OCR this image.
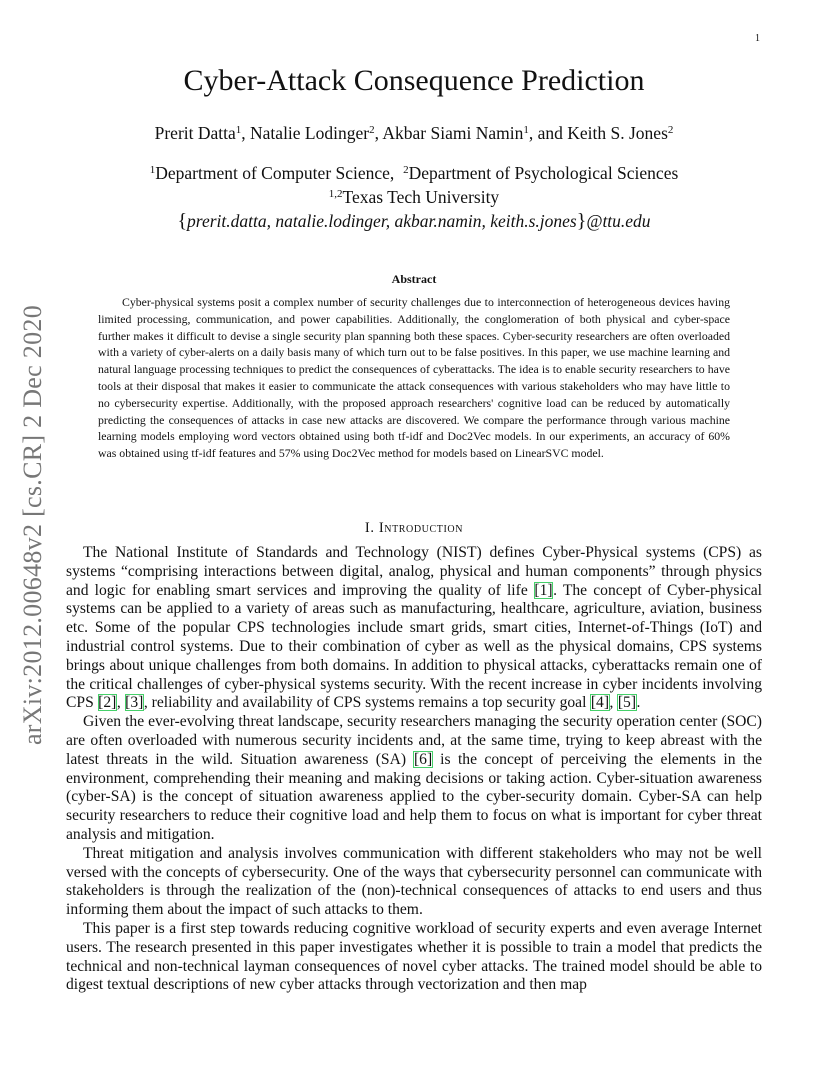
1
arXiv:2012.00648v2 [cs.CR] 2 Dec 2020
Cyber-Attack Consequence Prediction
Prerit Datta$^1$, Natalie Lodinger$^2$, Akbar Siami Namin$^1$, and Keith S. Jones$^2$
$^1$Department of Computer Science, $^2$Department of Psychological Sciences
$^{1,2}$Texas Tech University
{prerit.datta, natalie.lodinger, akbar.namin, keith.s.jones}@ttu.edu
Abstract

Cyber-physical systems posit a complex number of security challenges due to interconnection of heterogeneous devices having limited processing, communication, and power capabilities. Additionally, the conglomeration of both physical and cyber-space further makes it difficult to devise a single security plan spanning both these spaces. Cyber-security researchers are often overloaded with a variety of cyber-alerts on a daily basis many of which turn out to be false positives. In this paper, we use machine learning and natural language processing techniques to predict the consequences of cyberattacks. The idea is to enable security researchers to have tools at their disposal that makes it easier to communicate the attack consequences with various stakeholders who may have little to no cybersecurity expertise. Additionally, with the proposed approach researchers' cognitive load can be reduced by automatically predicting the consequences of attacks in case new attacks are discovered. We compare the performance through various machine learning models employing word vectors obtained using both tf-idf and Doc2Vec models. In our experiments, an accuracy of 60% was obtained using tf-idf features and 57% using Doc2Vec method for models based on LinearSVC model.

I. Introduction

The National Institute of Standards and Technology (NIST) defines Cyber-Physical systems (CPS) as systems “comprising interactions between digital, analog, physical and human components” through physics and logic for enabling smart services and improving the quality of life [1]. The concept of Cyber-physical systems can be applied to a variety of areas such as manufacturing, healthcare, agriculture, aviation, business etc. Some of the popular CPS technologies include smart grids, smart cities, Internet-of-Things (IoT) and industrial control systems. Due to their combination of cyber as well as the physical domains, CPS systems brings about unique challenges from both domains. In addition to physical attacks, cyberattacks remain one of the critical challenges of cyber-physical systems security. With the recent increase in cyber incidents involving CPS [2], [3], reliability and availability of CPS systems remains a top security goal [4], [5].

Given the ever-evolving threat landscape, security researchers managing the security operation center (SOC) are often overloaded with numerous security incidents and, at the same time, trying to keep abreast with the latest threats in the wild. Situation awareness (SA) [6] is the concept of perceiving the elements in the environment, comprehending their meaning and making decisions or taking action. Cyber-situation awareness (cyber-SA) is the concept of situation awareness applied to the cyber-security domain. Cyber-SA can help security researchers to reduce their cognitive load and help them to focus on what is important for cyber threat analysis and mitigation.

Threat mitigation and analysis involves communication with different stakeholders who may not be well versed with the concepts of cybersecurity. One of the ways that cybersecurity personnel can communicate with stakeholders is through the realization of the (non)-technical consequences of attacks to end users and thus informing them about the impact of such attacks to them.

This paper is a first step towards reducing cognitive workload of security experts and even average Internet users. The research presented in this paper investigates whether it is possible to train a model that predicts the technical and non-technical layman consequences of novel cyber attacks. The trained model should be able to digest textual descriptions of new cyber attacks through vectorization and then map
